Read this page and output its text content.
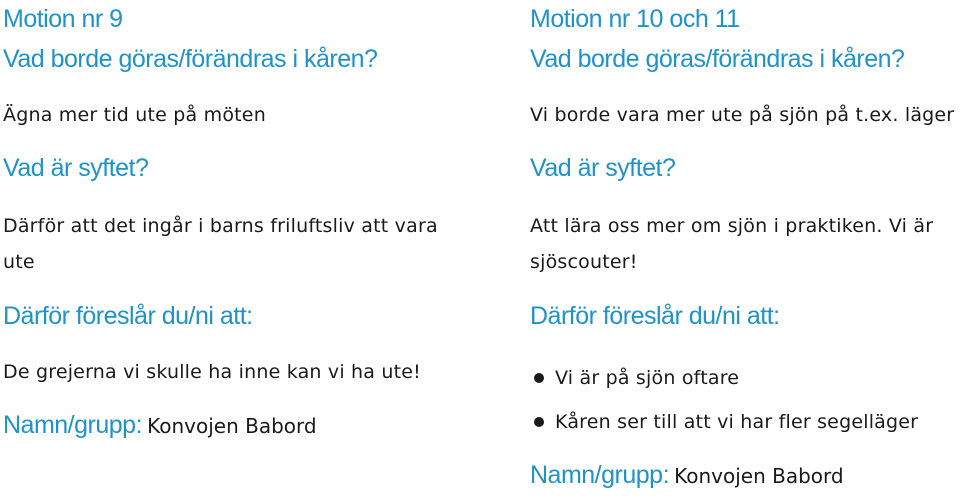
Motion nr 9
Vad borde göras/förändras i kåren?
Ägna mer tid ute på möten
Vad är syftet?
Därför att det ingår i barns friluftsliv att vara
ute
Därför föreslår du/ni att:
De grejerna vi skulle ha inne kan vi ha ute!
Namn/grupp: Konvojen Babord
Motion nr 10 och 11
Vad borde göras/förändras i kåren?
Vi borde vara mer ute på sjön på t.ex. läger
Vad är syftet?
Att lära oss mer om sjön i praktiken. Vi är
sjöscouter!
Därför föreslår du/ni att:
Vi är på sjön oftare
Kåren ser till att vi har fler segelläger
Namn/grupp: Konvojen Babord
